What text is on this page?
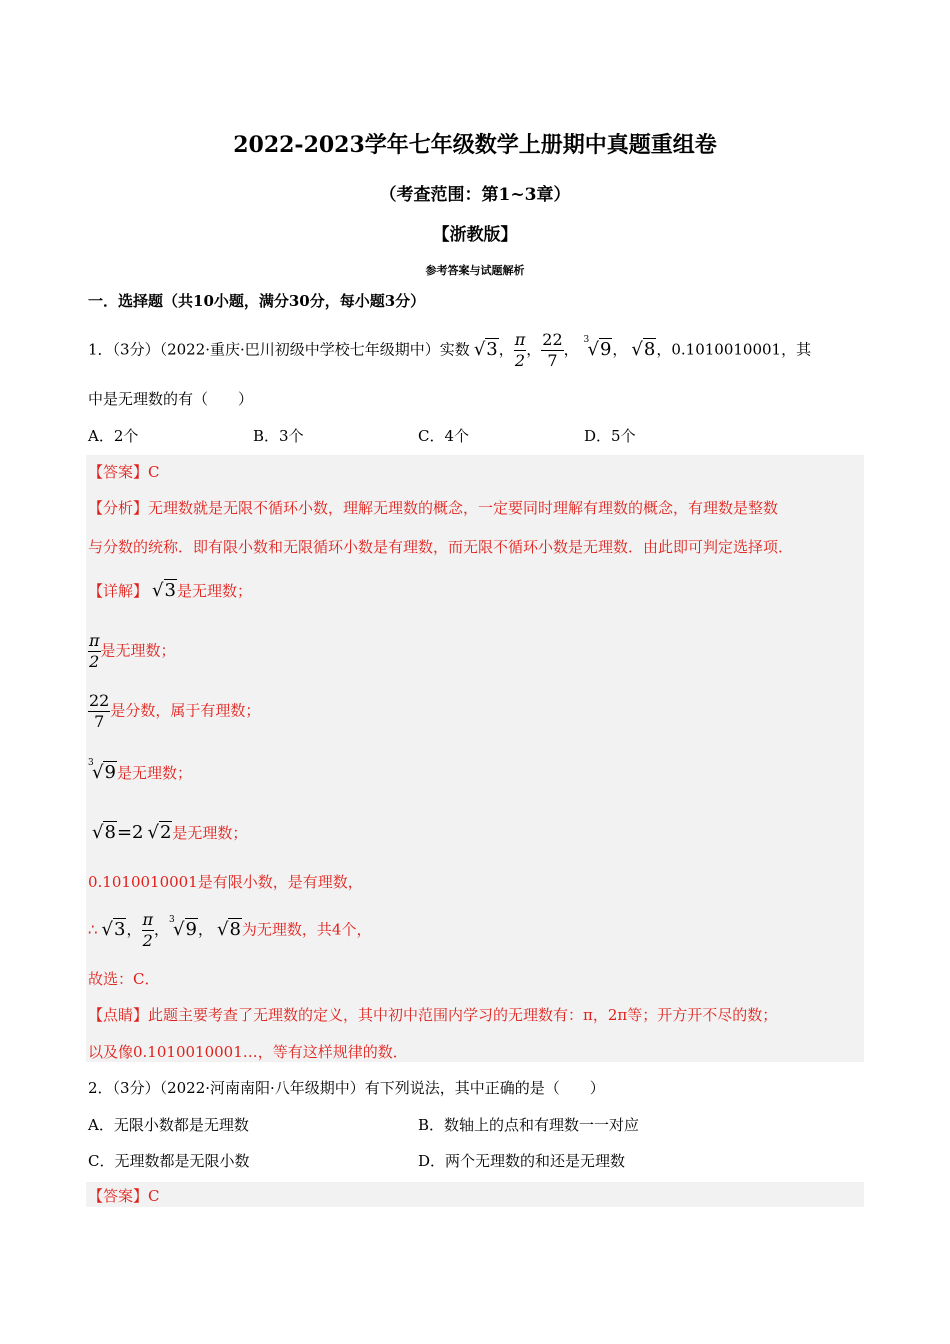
2022-2023学年七年级数学上册期中真题重组卷
（考查范围：第1~3章）
【浙教版】
参考答案与试题解析
一．选择题（共10小题，满分30分，每小题3分）
1．（3分）（2022·重庆·巴川初级中学校七年级期中）实数 √3， $\frac{\pi}{2}$ ， $\frac{22}{7}$ ，
3
√9， √8，0.1010010001，其
中是无理数的有（　　）
A．2个	B．3个	C．4个	D．5个
【答案】C
【分析】无理数就是无限不循环小数，理解无理数的概念，一定要同时理解有理数的概念，有理数是整数
与分数的统称．即有限小数和无限循环小数是有理数，而无限不循环小数是无理数．由此即可判定选择项．
【详解】 √3是无理数；
$\frac{\pi}{2}$ 是无理数；
$\frac{22}{7}$ 是分数，属于有理数；
3
√9是无理数；
√8=2 √2是无理数；
0.1010010001是有限小数，是有理数，
∴ √3， $\frac{\pi}{2}$ ，
3
√9， √8为无理数，共4个，
故选：C．
【点睛】此题主要考查了无理数的定义，其中初中范围内学习的无理数有：π，2π等；开方开不尽的数；
以及像0.1010010001…，等有这样规律的数．
2．（3分）（2022·河南南阳·八年级期中）有下列说法，其中正确的是（　　）
A．无限小数都是无理数	B．数轴上的点和有理数一一对应
C．无理数都是无限小数	D．两个无理数的和还是无理数
【答案】C
